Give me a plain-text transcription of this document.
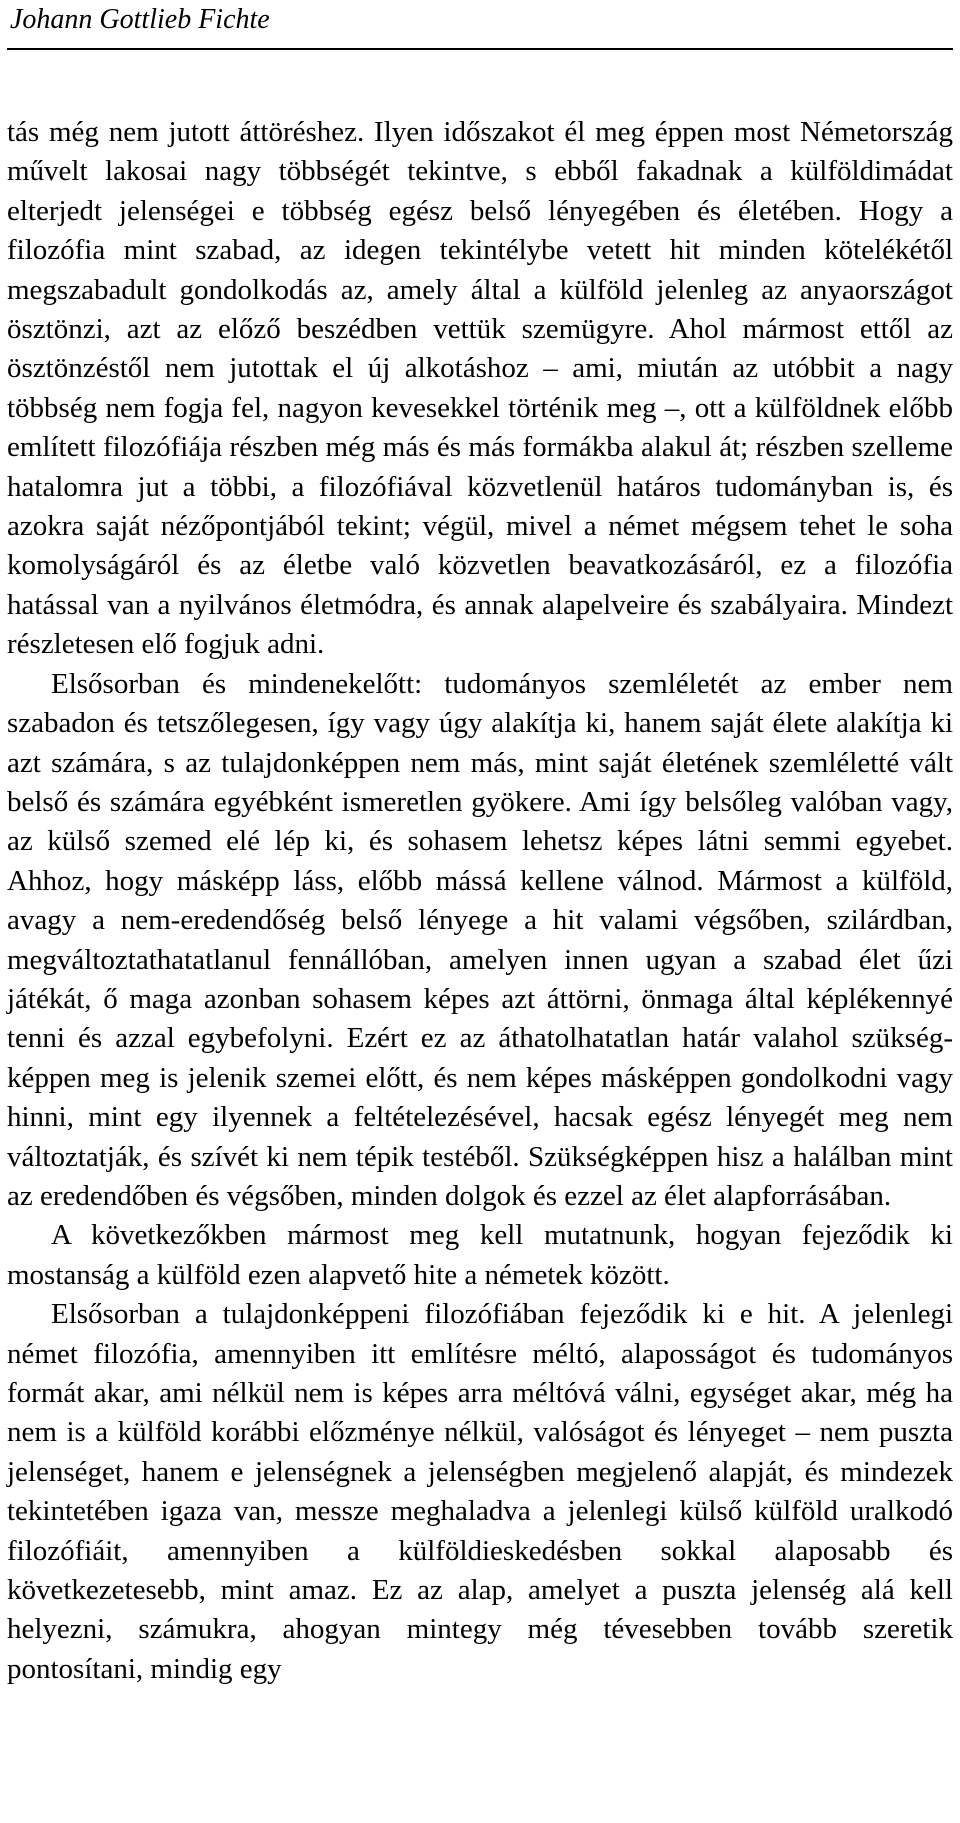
Johann Gottlieb Fichte

tás még nem jutott áttöréshez. Ilyen időszakot él meg éppen most Németország művelt lakosai nagy többségét tekintve, s ebből fakadnak a külföldimádat elterjedt jelenségei e többség egész belső lényegében és életében. Hogy a filozófia mint szabad, az idegen tekintélybe vetett hit minden kötelékétől megszabadult gondolkodás az, amely által a külföld jelenleg az anyaországot ösztönzi, azt az előző beszédben vettük szemügyre. Ahol mármost ettől az ösztönzéstől nem jutottak el új alkotáshoz – ami, miután az utóbbit a nagy többség nem fogja fel, nagyon kevesekkel történik meg –, ott a külföldnek előbb említett filozófiája részben még más és más formákba alakul át; részben szelleme hatalomra jut a többi, a filozófiával közvetlenül határos tudományban is, és azokra saját nézőpontjából tekint; végül, mivel a német mégsem tehet le soha komolyságáról és az életbe való közvetlen beavatkozásáról, ez a filozófia hatással van a nyilvános életmódra, és annak alapelveire és szabályaira. Mindezt részletesen elő fogjuk adni.

Elsősorban és mindenekelőtt: tudományos szemléletét az ember nem szabadon és tetszőlegesen, így vagy úgy alakítja ki, hanem saját élete alakítja ki azt számára, s az tulajdonképpen nem más, mint saját életének szemléletté vált belső és számára egyébként ismeretlen gyökere. Ami így belsőleg valóban vagy, az külső szemed elé lép ki, és sohasem lehetsz képes látni semmi egyebet. Ahhoz, hogy másképp láss, előbb mássá kellene válnod. Mármost a külföld, avagy a nem-eredendőség belső lényege a hit valami végsőben, szilárdban, megváltoztathatatlanul fennállóban, amelyen innen ugyan a szabad élet űzi játékát, ő maga azonban sohasem képes azt áttörni, önmaga által képlékennyé tenni és azzal egybefolyni. Ezért ez az áthatolhatatlan határ valahol szükségképpen meg is jelenik szemei előtt, és nem képes másképpen gondolkodni vagy hinni, mint egy ilyennek a feltételezésével, hacsak egész lényegét meg nem változtatják, és szívét ki nem tépik testéből. Szükségképpen hisz a halálban mint az eredendőben és végsőben, minden dolgok és ezzel az élet alapforrásában.

A következőkben mármost meg kell mutatnunk, hogyan fejeződik ki mostanság a külföld ezen alapvető hite a németek között.

Elsősorban a tulajdonképpeni filozófiában fejeződik ki e hit. A jelenlegi német filozófia, amennyiben itt említésre méltó, alaposságot és tudományos formát akar, ami nélkül nem is képes arra méltóvá válni, egységet akar, még ha nem is a külföld korábbi előzménye nélkül, valóságot és lényeget – nem puszta jelenséget, hanem e jelenségnek a jelenségben megjelenő alapját, és mindezek tekintetében igaza van, messze meghaladva a jelenlegi külső külföld uralkodó filozófiáit, amennyiben a külföldieskedésben sokkal alaposabb és következetesebb, mint amaz. Ez az alap, amelyet a puszta jelenség alá kell helyezni, számukra, ahogyan mintegy még tévesebben tovább szeretik pontosítani, mindig egy
